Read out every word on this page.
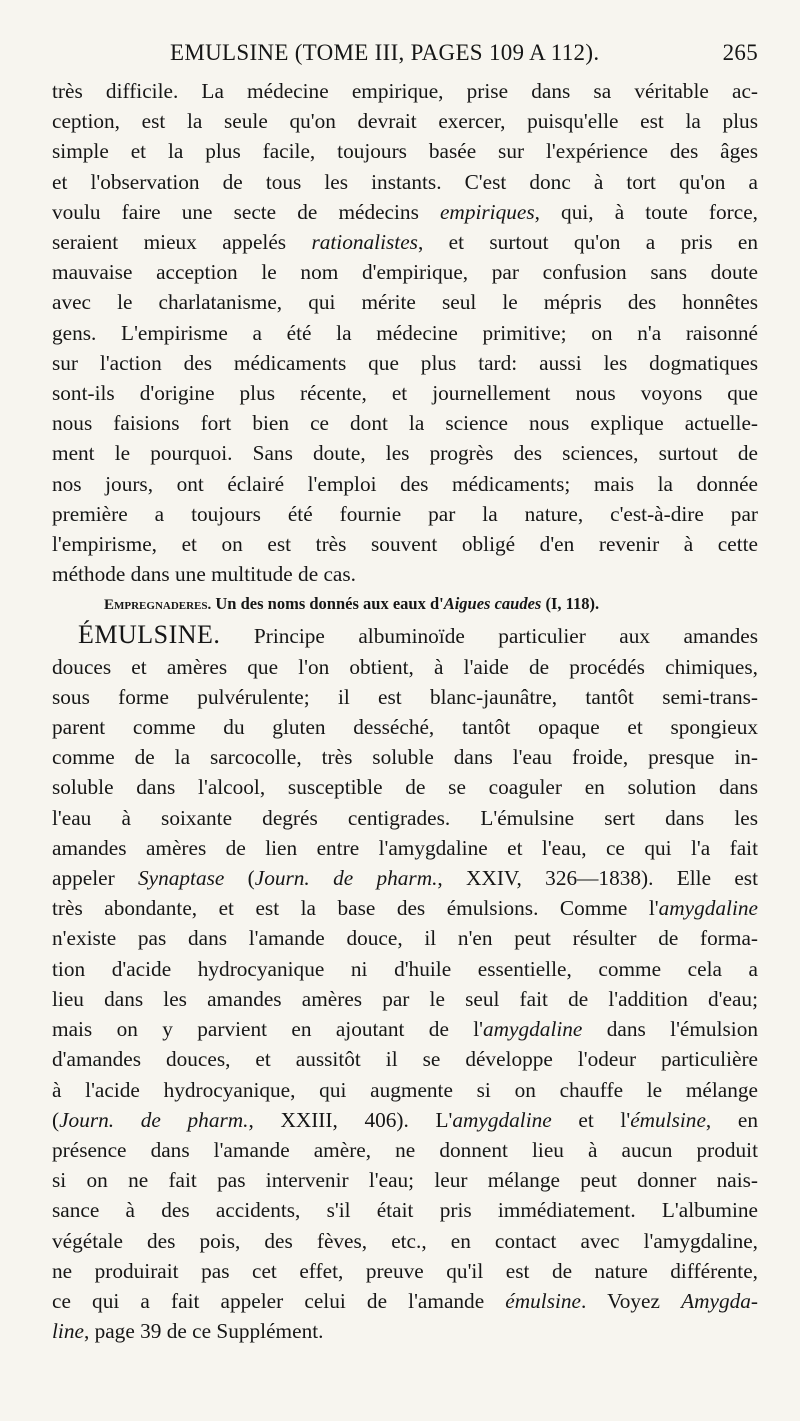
EMULSINE (TOME III, PAGES 109 A 112).	265

très difficile. La médecine empirique, prise dans sa véritable ac-
ception, est la seule qu'on devrait exercer, puisqu'elle est la plus
simple et la plus facile, toujours basée sur l'expérience des âges
et l'observation de tous les instants. C'est donc à tort qu'on a
voulu faire une secte de médecins empiriques, qui, à toute force,
seraient mieux appelés rationalistes, et surtout qu'on a pris en
mauvaise acception le nom d'empirique, par confusion sans doute
avec le charlatanisme, qui mérite seul le mépris des honnêtes
gens. L'empirisme a été la médecine primitive; on n'a raisonné
sur l'action des médicaments que plus tard: aussi les dogmatiques
sont-ils d'origine plus récente, et journellement nous voyons que
nous faisions fort bien ce dont la science nous explique actuelle-
ment le pourquoi. Sans doute, les progrès des sciences, surtout de
nos jours, ont éclairé l'emploi des médicaments; mais la donnée
première a toujours été fournie par la nature, c'est-à-dire par
l'empirisme, et on est très souvent obligé d'en revenir à cette
méthode dans une multitude de cas.

Empregnaderes. Un des noms donnés aux eaux d'Aigues caudes (I, 118).

ÉMULSINE. Principe albuminoïde particulier aux amandes
douces et amères que l'on obtient, à l'aide de procédés chimiques,
sous forme pulvérulente; il est blanc-jaunâtre, tantôt semi-trans-
parent comme du gluten desséché, tantôt opaque et spongieux
comme de la sarcocolle, très soluble dans l'eau froide, presque in-
soluble dans l'alcool, susceptible de se coaguler en solution dans
l'eau à soixante degrés centigrades. L'émulsine sert dans les
amandes amères de lien entre l'amygdaline et l'eau, ce qui l'a fait
appeler Synaptase (Journ. de pharm., XXIV, 326—1838). Elle est
très abondante, et est la base des émulsions. Comme l'amygdaline
n'existe pas dans l'amande douce, il n'en peut résulter de forma-
tion d'acide hydrocyanique ni d'huile essentielle, comme cela a
lieu dans les amandes amères par le seul fait de l'addition d'eau;
mais on y parvient en ajoutant de l'amygdaline dans l'émulsion
d'amandes douces, et aussitôt il se développe l'odeur particulière
à l'acide hydrocyanique, qui augmente si on chauffe le mélange
(Journ. de pharm., XXIII, 406). L'amygdaline et l'émulsine, en
présence dans l'amande amère, ne donnent lieu à aucun produit
si on ne fait pas intervenir l'eau; leur mélange peut donner nais-
sance à des accidents, s'il était pris immédiatement. L'albumine
végétale des pois, des fèves, etc., en contact avec l'amygdaline,
ne produirait pas cet effet, preuve qu'il est de nature différente,
ce qui a fait appeler celui de l'amande émulsine. Voyez Amygda-
line, page 39 de ce Supplément.
